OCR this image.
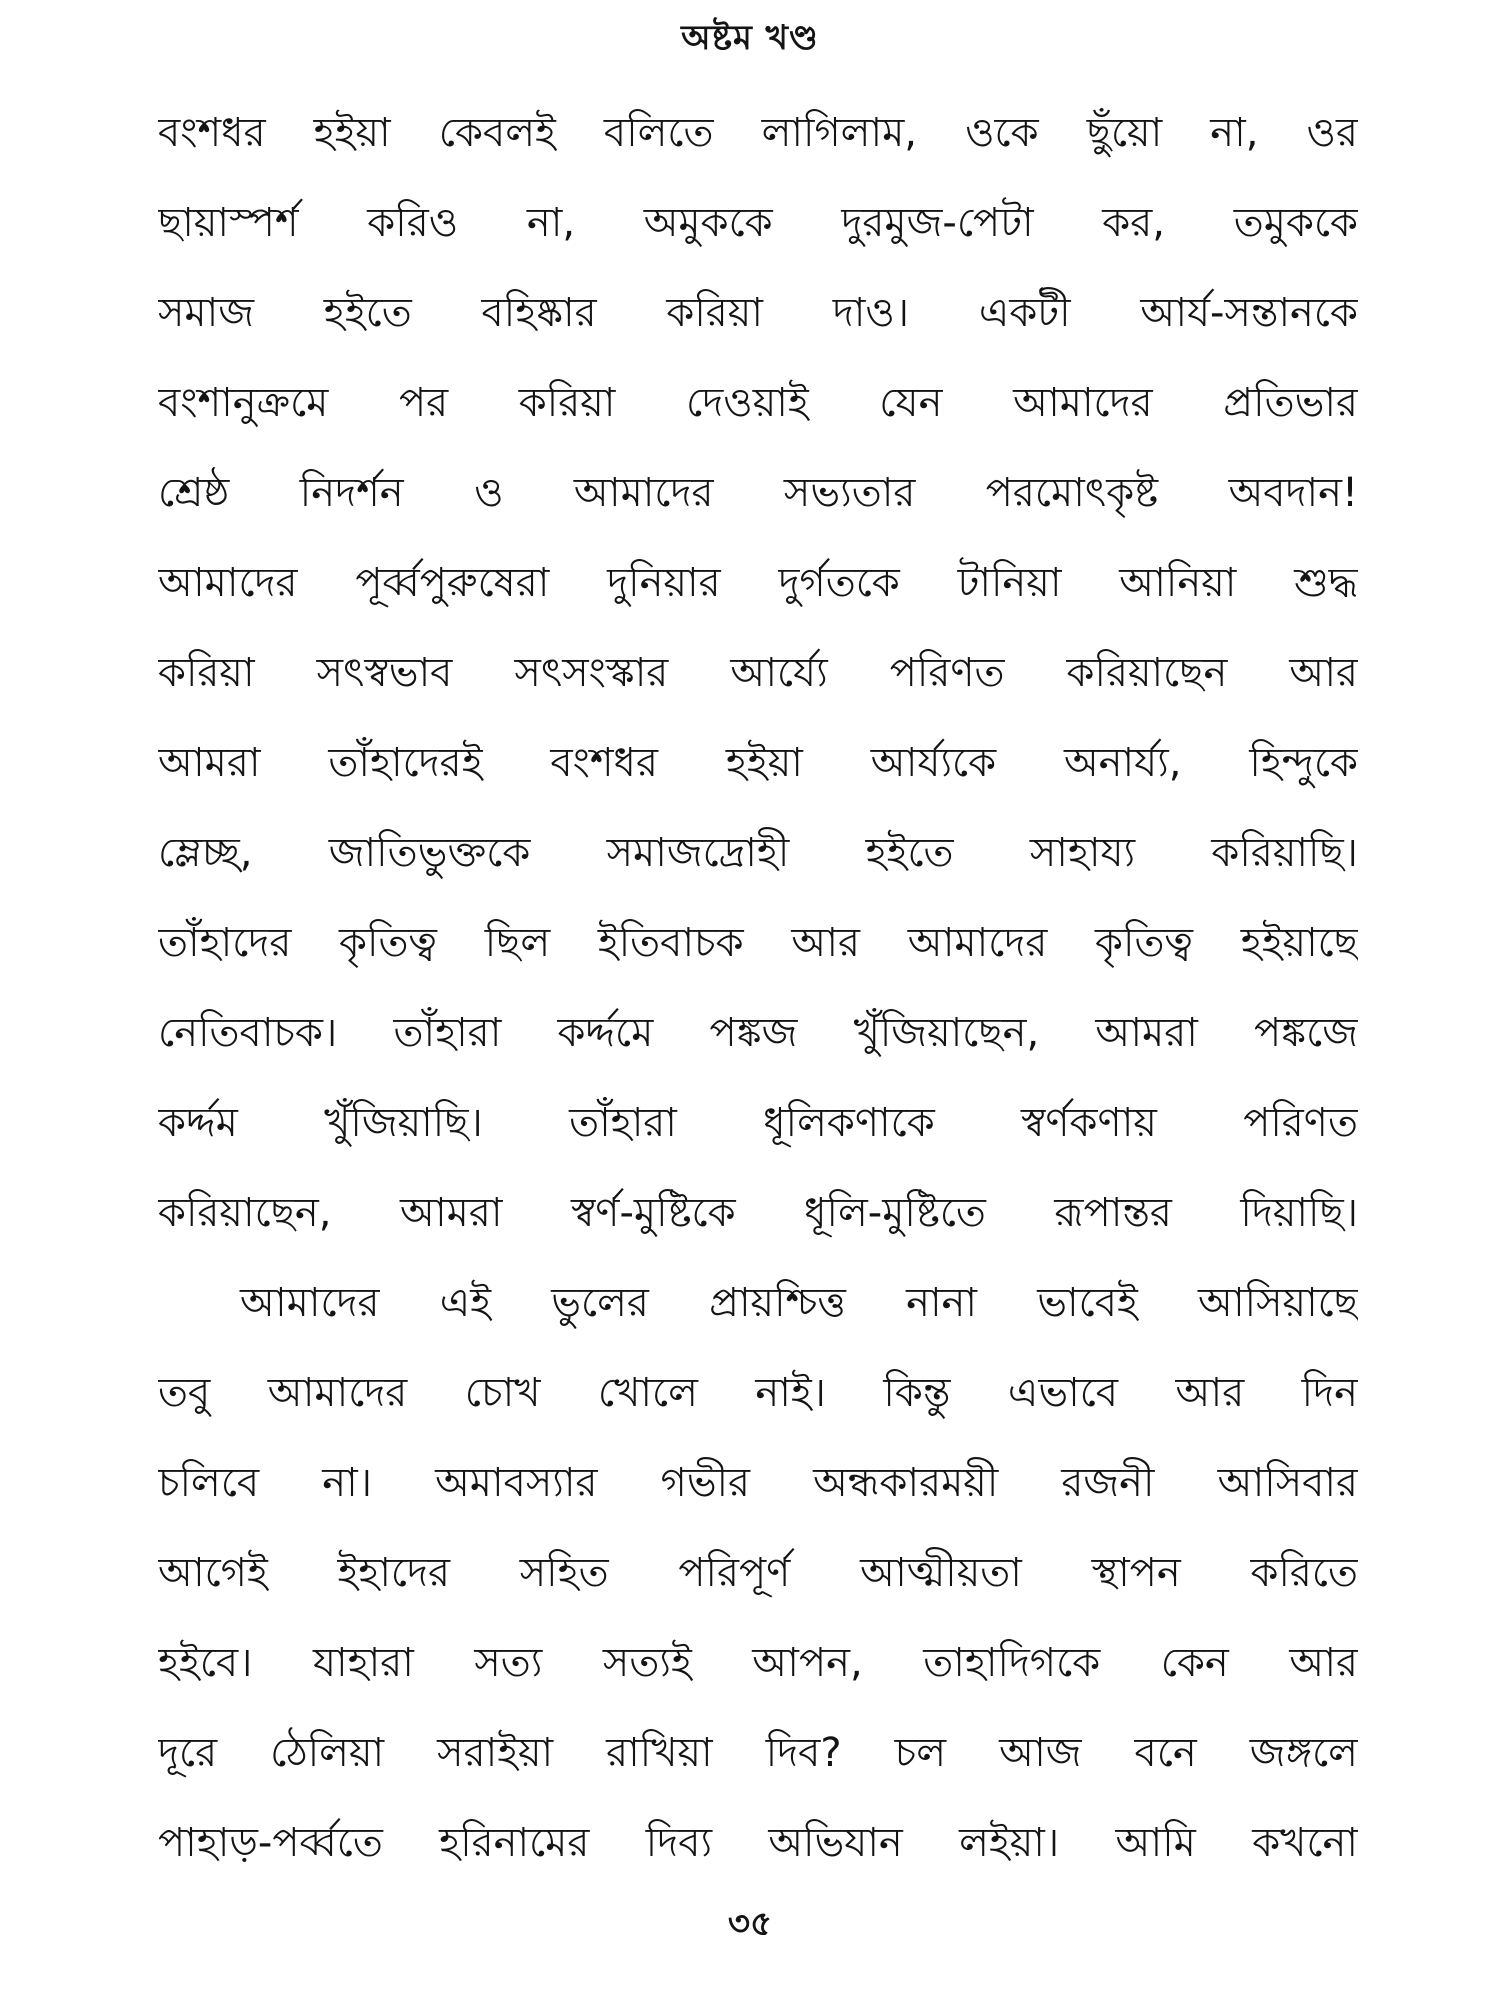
অষ্টম খণ্ড
বংশধর হইয়া কেবলই বলিতে লাগিলাম, ওকে ছুঁয়ো না, ওর
ছায়াস্পর্শ করিও না, অমুককে দুরমুজ-পেটা কর, তমুককে
সমাজ হইতে বহিষ্কার করিয়া দাও। একটী আর্য-সন্তানকে
বংশানুক্রমে পর করিয়া দেওয়াই যেন আমাদের প্রতিভার
শ্রেষ্ঠ নিদর্শন ও আমাদের সভ্যতার পরমোৎকৃষ্ট অবদান!
আমাদের পূর্ব্বপুরুষেরা দুনিয়ার দুর্গতকে টানিয়া আনিয়া শুদ্ধ
করিয়া সৎস্বভাব সৎসংস্কার আর্য্যে পরিণত করিয়াছেন আর
আমরা তাঁহাদেরই বংশধর হইয়া আর্য্যকে অনার্য্য, হিন্দুকে
ম্লেচ্ছ, জাতিভুক্তকে সমাজদ্রোহী হইতে সাহায্য করিয়াছি।
তাঁহাদের কৃতিত্ব ছিল ইতিবাচক আর আমাদের কৃতিত্ব হইয়াছে
নেতিবাচক। তাঁহারা কর্দ্দমে পঙ্কজ খুঁজিয়াছেন, আমরা পঙ্কজে
কর্দ্দম খুঁজিয়াছি। তাঁহারা ধূলিকণাকে স্বর্ণকণায় পরিণত
করিয়াছেন, আমরা স্বর্ণ-মুষ্টিকে ধূলি-মুষ্টিতে রূপান্তর দিয়াছি।
আমাদের এই ভুলের প্রায়শ্চিত্ত নানা ভাবেই আসিয়াছে
তবু আমাদের চোখ খোলে নাই। কিন্তু এভাবে আর দিন
চলিবে না। অমাবস্যার গভীর অন্ধকারময়ী রজনী আসিবার
আগেই ইহাদের সহিত পরিপূর্ণ আত্মীয়তা স্থাপন করিতে
হইবে। যাহারা সত্য সত্যই আপন, তাহাদিগকে কেন আর
দূরে ঠেলিয়া সরাইয়া রাখিয়া দিব? চল আজ বনে জঙ্গলে
পাহাড়-পর্ব্বতে হরিনামের দিব্য অভিযান লইয়া। আমি কখনো
৩৫
